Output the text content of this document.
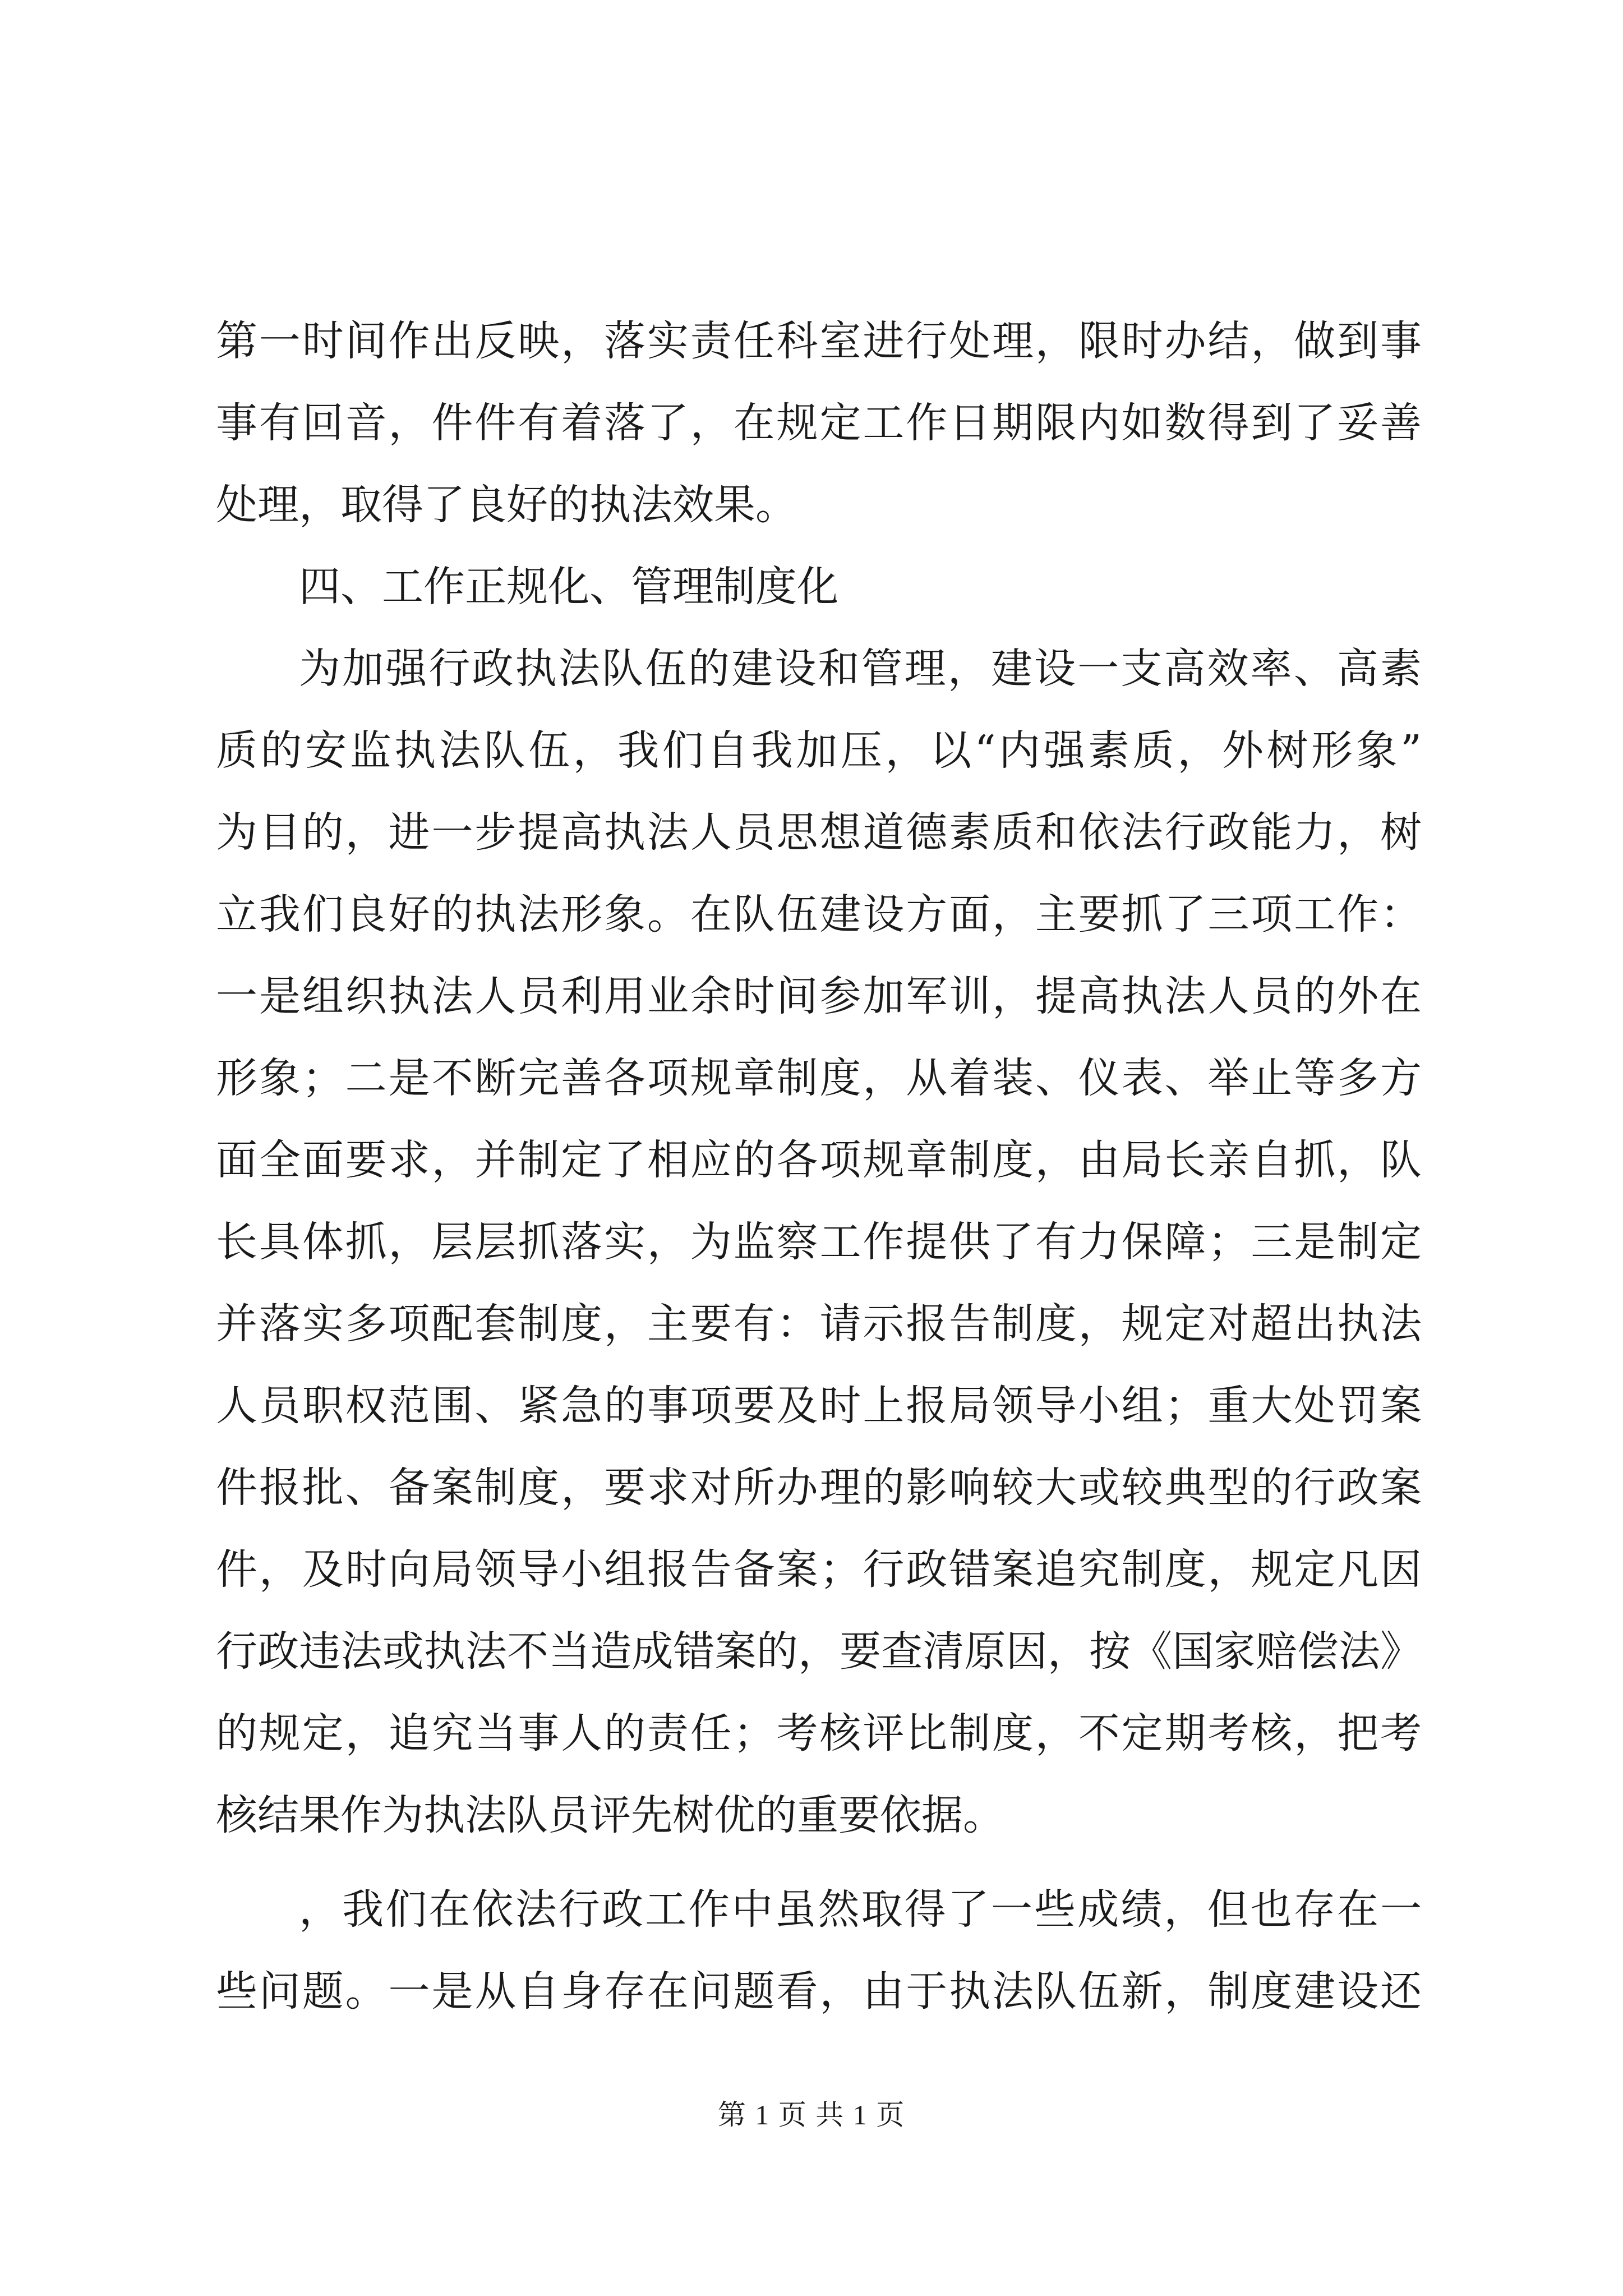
第一时间作出反映，落实责任科室进行处理，限时办结，做到事
事有回音，件件有着落了，在规定工作日期限内如数得到了妥善
处理，取得了良好的执法效果。
四、工作正规化、管理制度化
为加强行政执法队伍的建设和管理，建设一支高效率、高素
质的安监执法队伍，我们自我加压，以“内强素质，外树形象”
为目的，进一步提高执法人员思想道德素质和依法行政能力，树
立我们良好的执法形象。在队伍建设方面，主要抓了三项工作：
一是组织执法人员利用业余时间参加军训，提高执法人员的外在
形象；二是不断完善各项规章制度，从着装、仪表、举止等多方
面全面要求，并制定了相应的各项规章制度，由局长亲自抓，队
长具体抓，层层抓落实，为监察工作提供了有力保障；三是制定
并落实多项配套制度，主要有：请示报告制度，规定对超出执法
人员职权范围、紧急的事项要及时上报局领导小组；重大处罚案
件报批、备案制度，要求对所办理的影响较大或较典型的行政案
件，及时向局领导小组报告备案；行政错案追究制度，规定凡因
行政违法或执法不当造成错案的，要查清原因，按《国家赔偿法》
的规定，追究当事人的责任；考核评比制度，不定期考核，把考
核结果作为执法队员评先树优的重要依据。
，我们在依法行政工作中虽然取得了一些成绩，但也存在一
些问题。一是从自身存在问题看，由于执法队伍新，制度建设还
第 1 页 共 1 页
